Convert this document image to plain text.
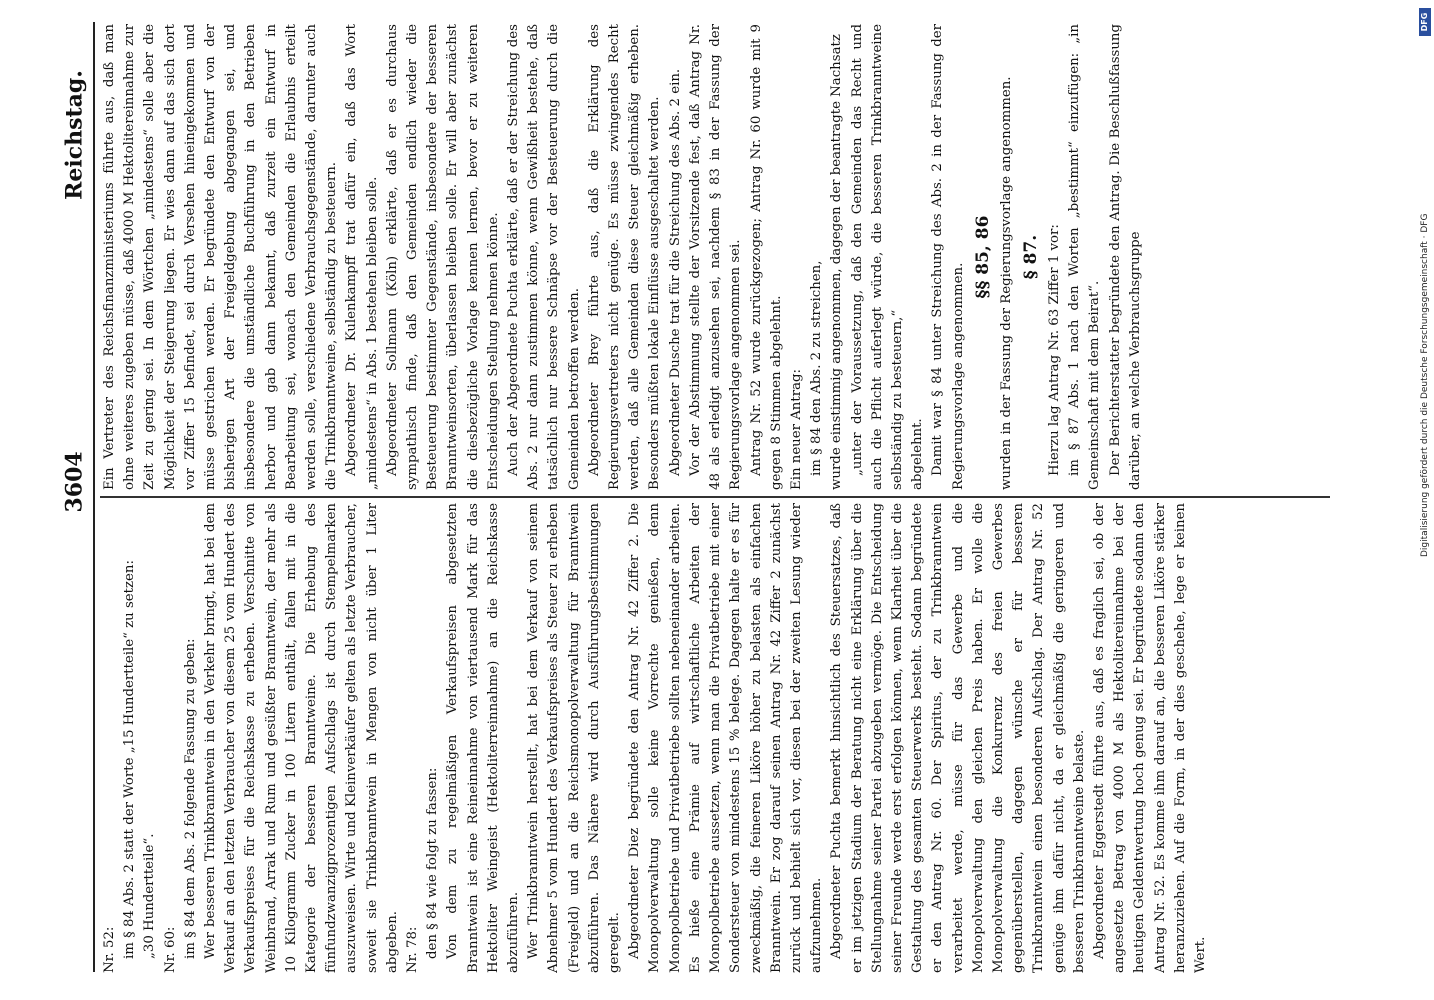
3604
Reichstag.

Nr. 52: im § 84 Abs. 2 statt der Worte „15 Hundertteile“ zu setzen: „30 Hundertteile“. Nr. 60: im § 84 dem Abs. 2 folgende Fassung zu geben: Wer besseren Trinkbranntwein in den Verkehr bringt, hat bei dem Verkauf an den letzten Verbraucher von diesem 25 vom Hundert des Verkaufspreises für die Reichskasse zu erheben. Verschnitte von Weinbrand, Arrak und Rum und gesüßter Branntwein, der mehr als 10 Kilogramm Zucker in 100 Litern enthält, fallen mit in die Kategorie der besseren Branntweine. Die Erhebung des fünfundzwanzigprozentigen Aufschlags ist durch Stempelmarken auszuweisen. Wirte und Kleinverkäufer gelten als letzte Verbraucher, soweit sie Trinkbranntwein in Mengen von nicht über 1 Liter abgeben. Nr. 78: den § 84 wie folgt zu fassen: Von dem zu regelmäßigen Verkaufspreisen abgesetzten Branntwein ist eine Reineinnahme von viertausend Mark für das Hektoliter Weingeist (Hektoliterreinnahme) an die Reichskasse abzuführen. Wer Trinkbranntwein herstellt, hat bei dem Verkauf von seinem Abnehmer 5 vom Hundert des Verkaufspreises als Steuer zu erheben (Freigeld) und an die Reichsmonopolverwaltung für Branntwein abzuführen. Das Nähere wird durch Ausführungsbestimmungen geregelt. Abgeordneter Diez begründete den Antrag Nr. 42 Ziffer 2. Die Monopolverwaltung solle keine Vorrechte genießen, denn Monopolbetriebe und Privatbetriebe sollten nebeneinander arbeiten. Es hieße eine Prämie auf wirtschaftliche Arbeiten der Monopolbetriebe aussetzen, wenn man die Privatbetriebe mit einer Sondersteuer von mindestens 15 % belege. Dagegen halte er es für zweckmäßig, die feineren Liköre höher zu belasten als einfachen Branntwein. Er zog darauf seinen Antrag Nr. 42 Ziffer 2 zunächst zurück und behielt sich vor, diesen bei der zweiten Lesung wieder aufzunehmen. Abgeordneter Puchta bemerkt hinsichtlich des Steuersatzes, daß er im jetzigen Stadium der Beratung nicht eine Erklärung über die Stellungnahme seiner Partei abzugeben vermöge. Die Entscheidung seiner Freunde werde erst erfolgen können, wenn Klarheit über die Gestaltung des gesamten Steuerwerks besteht. Sodann begründete er den Antrag Nr. 60. Der Spiritus, der zu Trinkbranntwein verarbeitet werde, müsse für das Gewerbe und die Monopolverwaltung den gleichen Preis haben. Er wolle die Monopolverwaltung die Konkurrenz des freien Gewerbes gegenüberstellen, dagegen wünsche er für besseren Trinkbranntwein einen besonderen Aufschlag. Der Antrag Nr. 52 genüge ihm dafür nicht, da er gleichmäßig die geringeren und besseren Trinkbranntweine belaste. Abgeordneter Eggerstedt führte aus, daß es fraglich sei, ob der angesetzte Betrag von 4000 M als Hektolitereinnahme bei der heutigen Geldentwertung hoch genug sei. Er begründete sodann den Antrag Nr. 52. Es komme ihm darauf an, die besseren Liköre stärker heranzuziehen. Auf die Form, in der dies geschehe, lege er keinen Wert.

Ein Vertreter des Reichsfinanzministeriums führte aus, daß man ohne weiteres zugeben müsse, daß 4000 M Hektolitereinnahme zur Zeit zu gering sei. In dem Wörtchen „mindestens“ solle aber die Möglichkeit der Steigerung liegen. Er wies dann auf das sich dort vor Ziffer 15 befindet, sei durch Versehen hineingekommen und müsse gestrichen werden. Er begründete den Entwurf von der bisherigen Art der Freigeldgebung abgegangen sei, und insbesondere die umständliche Buchführung in den Betrieben herbor und gab dann bekannt, daß zurzeit ein Entwurf in Bearbeitung sei, wonach den Gemeinden die Erlaubnis erteilt werden solle, verschiedene Verbrauchsgegenstände, darunter auch die Trinkbranntweine, selbständig zu besteuern. Abgeordneter Dr. Kulenkampff trat dafür ein, daß das Wort „mindestens“ in Abs. 1 bestehen bleiben solle. Abgeordneter Sollmann (Köln) erklärte, daß er es durchaus sympathisch finde, daß den Gemeinden endlich wieder die Besteuerung bestimmter Gegenstände, insbesondere der besseren Branntweinsorten, überlassen bleiben solle. Er will aber zunächst die diesbezügliche Vorlage kennen lernen, bevor er zu weiteren Entscheidungen Stellung nehmen könne. Auch der Abgeordnete Puchta erklärte, daß er der Streichung des Abs. 2 nur dann zustimmen könne, wenn Gewißheit bestehe, daß tatsächlich nur bessere Schnäpse vor der Besteuerung durch die Gemeinden betroffen werden. Abgeordneter Brey führte aus, daß die Erklärung des Regierungsvertreters nicht genüge. Es müsse zwingendes Recht werden, daß alle Gemeinden diese Steuer gleichmäßig erheben. Besonders müßten lokale Einflüsse ausgeschaltet werden. Abgeordneter Dusche trat für die Streichung des Abs. 2 ein. Vor der Abstimmung stellte der Vorsitzende fest, daß Antrag Nr. 48 als erledigt anzusehen sei, nachdem § 83 in der Fassung der Regierungsvorlage angenommen sei. Antrag Nr. 52 wurde zurückgezogen; Antrag Nr. 60 wurde mit 9 gegen 8 Stimmen abgelehnt. Ein neuer Antrag: im § 84 den Abs. 2 zu streichen, wurde einstimmig angenommen, dagegen der beantragte Nachsatz „unter der Voraussetzung, daß den Gemeinden das Recht und auch die Pflicht auferlegt würde, die besseren Trinkbranntweine selbständig zu besteuern,“ abgelehnt. Damit war § 84 unter Streichung des Abs. 2 in der Fassung der Regierungsvorlage angenommen.

§§ 85, 86 wurden in der Fassung der Regierungsvorlage angenommen. § 87. Hierzu lag Antrag Nr. 63 Ziffer 1 vor: im § 87 Abs. 1 nach den Worten „bestimmt“ einzufügen: „in Gemeinschaft mit dem Beirat“. Der Berichterstatter begründete den Antrag. Die Beschlußfassung darüber, an welche Verbrauchsgruppe

DFG
Digitalisierung gefördert durch die Deutsche Forschungsgemeinschaft · DFG
